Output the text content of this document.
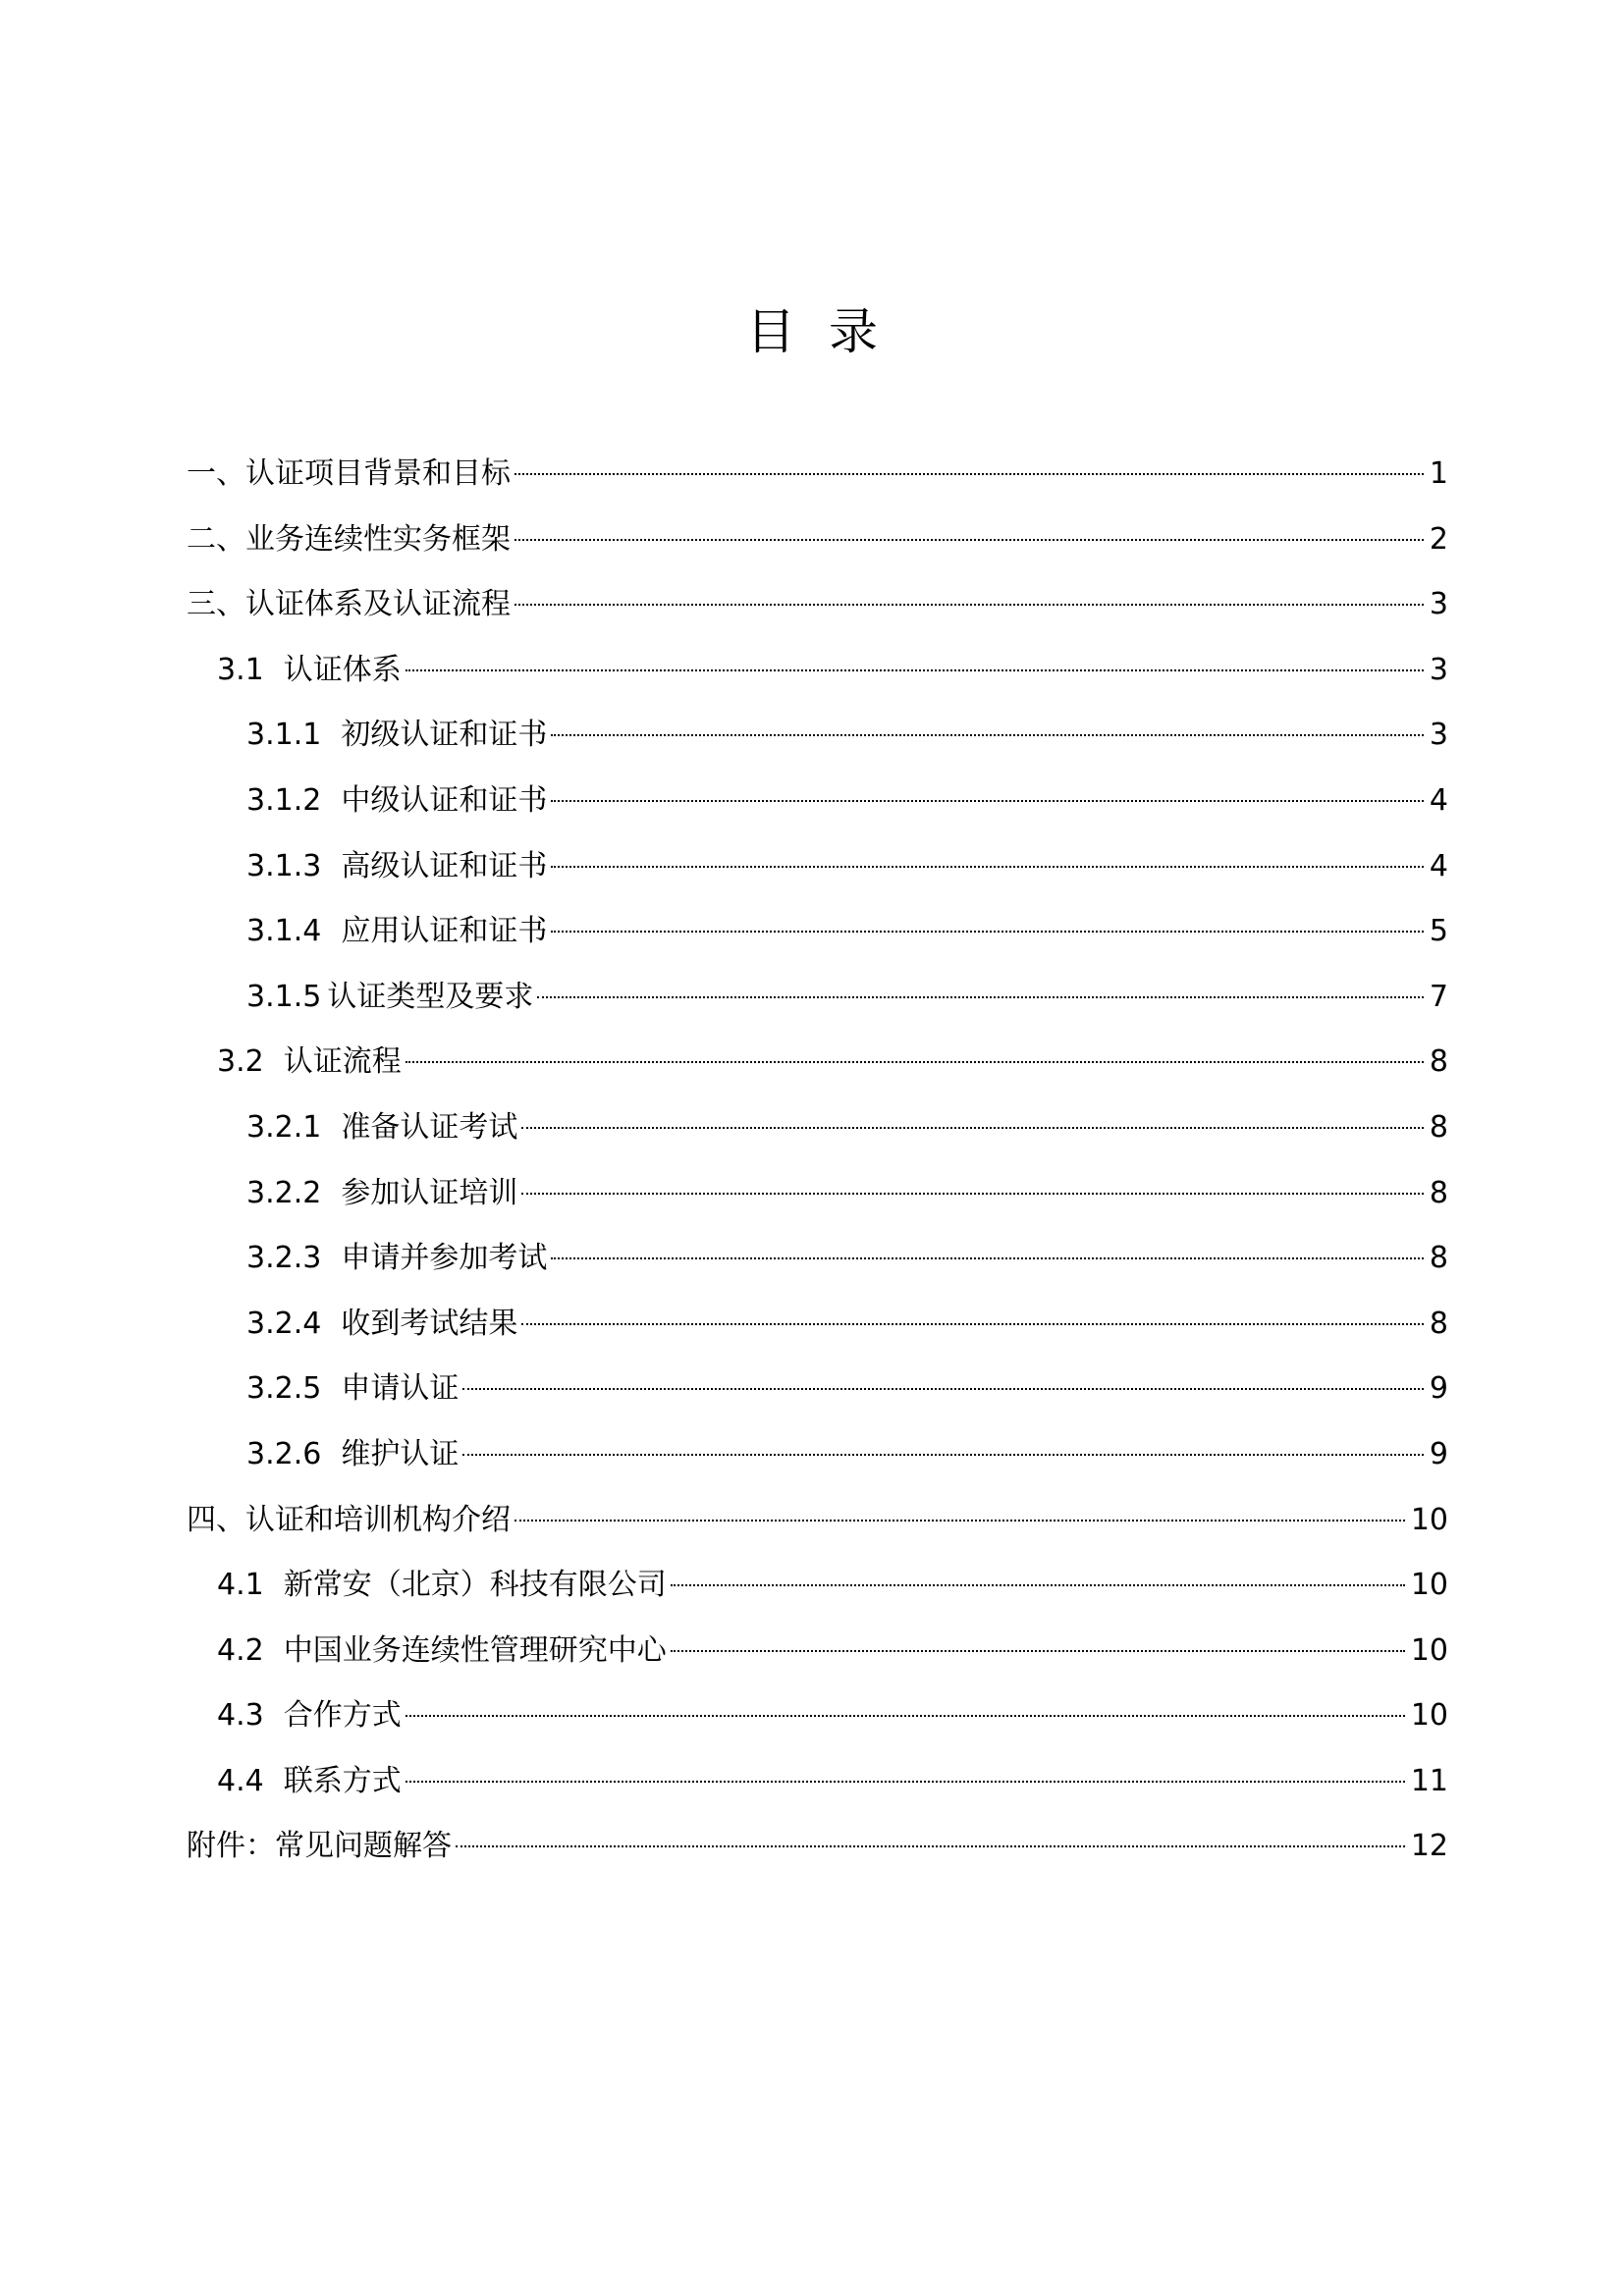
目录
一、认证项目背景和目标	1
二、业务连续性实务框架	2
三、认证体系及认证流程	3
3.1 认证体系	3
3.1.1 初级认证和证书	3
3.1.2 中级认证和证书	4
3.1.3 高级认证和证书	4
3.1.4 应用认证和证书	5
3.1.5 认证类型及要求	7
3.2 认证流程	8
3.2.1 准备认证考试	8
3.2.2 参加认证培训	8
3.2.3 申请并参加考试	8
3.2.4 收到考试结果	8
3.2.5 申请认证	9
3.2.6 维护认证	9
四、认证和培训机构介绍	10
4.1 新常安（北京）科技有限公司	10
4.2 中国业务连续性管理研究中心	10
4.3 合作方式	10
4.4 联系方式	11
附件：常见问题解答	12
